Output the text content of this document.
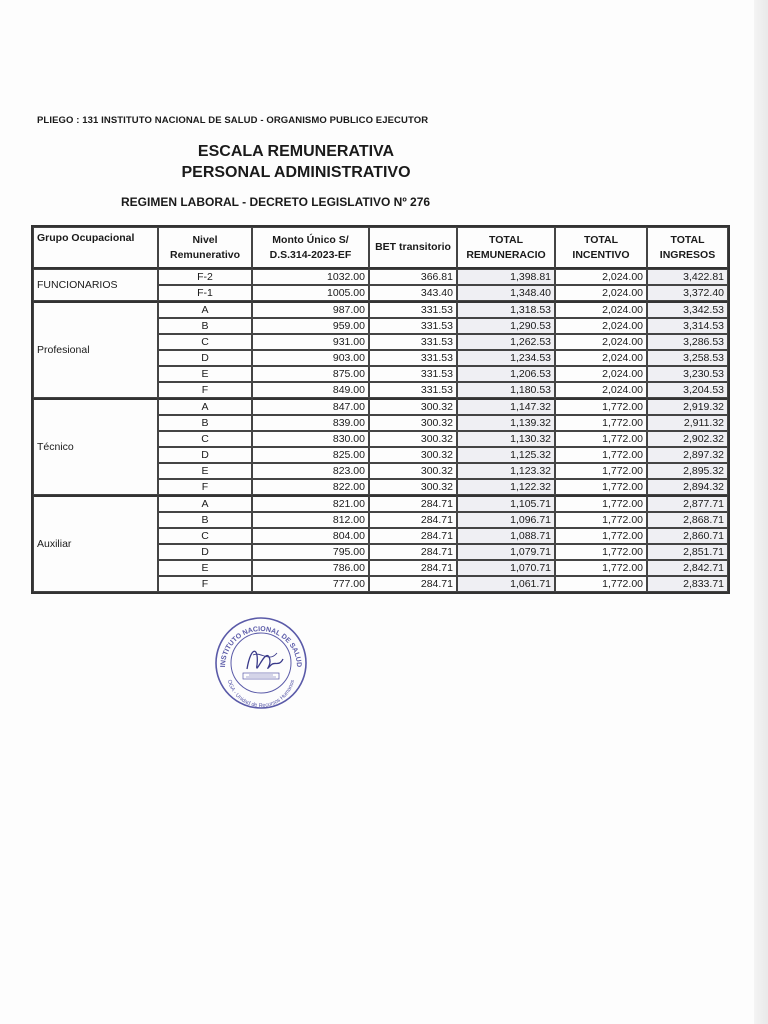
PLIEGO : 131 INSTITUTO NACIONAL DE SALUD - ORGANISMO PUBLICO EJECUTOR
ESCALA REMUNERATIVA
PERSONAL ADMINISTRATIVO
REGIMEN LABORAL - DECRETO LEGISLATIVO Nº 276
Grupo Ocupacional	Nivel Remunerativo	Monto Único S/ D.S.314-2023-EF	BET transitorio	TOTAL REMUNERACIO	TOTAL INCENTIVO	TOTAL INGRESOS
FUNCIONARIOS	F-2	1032.00	366.81	1,398.81	2,024.00	3,422.81
	F-1	1005.00	343.40	1,348.40	2,024.00	3,372.40
Profesional	A	987.00	331.53	1,318.53	2,024.00	3,342.53
	B	959.00	331.53	1,290.53	2,024.00	3,314.53
	C	931.00	331.53	1,262.53	2,024.00	3,286.53
	D	903.00	331.53	1,234.53	2,024.00	3,258.53
	E	875.00	331.53	1,206.53	2,024.00	3,230.53
	F	849.00	331.53	1,180.53	2,024.00	3,204.53
Técnico	A	847.00	300.32	1,147.32	1,772.00	2,919.32
	B	839.00	300.32	1,139.32	1,772.00	2,911.32
	C	830.00	300.32	1,130.32	1,772.00	2,902.32
	D	825.00	300.32	1,125.32	1,772.00	2,897.32
	E	823.00	300.32	1,123.32	1,772.00	2,895.32
	F	822.00	300.32	1,122.32	1,772.00	2,894.32
Auxiliar	A	821.00	284.71	1,105.71	1,772.00	2,877.71
	B	812.00	284.71	1,096.71	1,772.00	2,868.71
	C	804.00	284.71	1,088.71	1,772.00	2,860.71
	D	795.00	284.71	1,079.71	1,772.00	2,851.71
	E	786.00	284.71	1,070.71	1,772.00	2,842.71
	F	777.00	284.71	1,061.71	1,772.00	2,833.71
INSTITUTO NACIONAL DE SALUD
OGA - Unidad de Recursos Humanos
